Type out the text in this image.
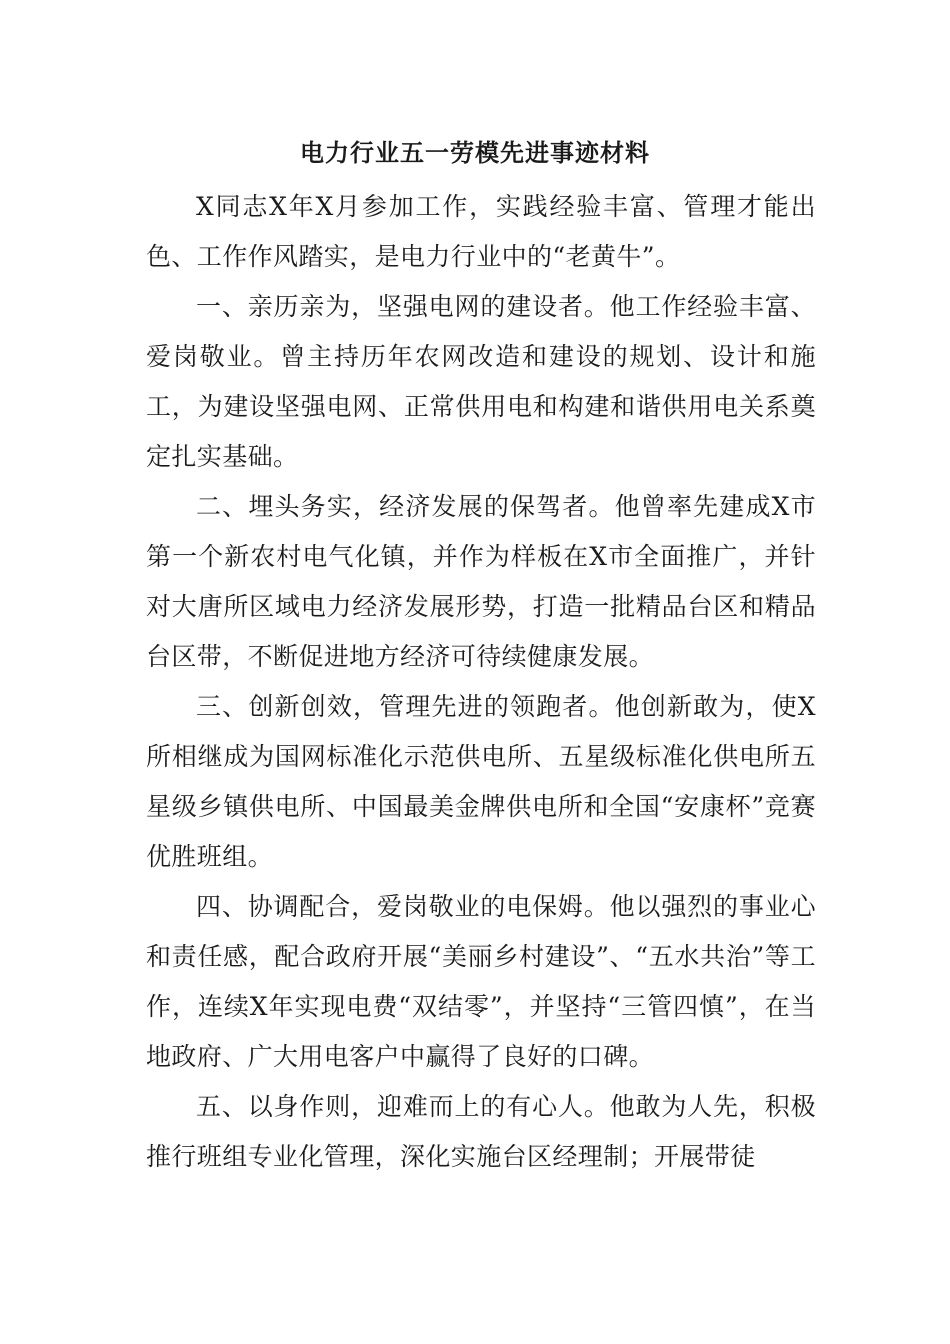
电力行业五一劳模先进事迹材料

X同志X年X月参加工作，实践经验丰富、管理才能出色、工作作风踏实，是电力行业中的“老黄牛”。

一、亲历亲为，坚强电网的建设者。他工作经验丰富、爱岗敬业。曾主持历年农网改造和建设的规划、设计和施工，为建设坚强电网、正常供用电和构建和谐供用电关系奠定扎实基础。

二、埋头务实，经济发展的保驾者。他曾率先建成X市第一个新农村电气化镇，并作为样板在X市全面推广，并针对大唐所区域电力经济发展形势，打造一批精品台区和精品台区带，不断促进地方经济可待续健康发展。

三、创新创效，管理先进的领跑者。他创新敢为，使X所相继成为国网标准化示范供电所、五星级标准化供电所五星级乡镇供电所、中国最美金牌供电所和全国“安康杯”竞赛优胜班组。

四、协调配合，爱岗敬业的电保姆。他以强烈的事业心和责任感，配合政府开展“美丽乡村建设”、“五水共治”等工作，连续X年实现电费“双结零”，并坚持“三管四慎”，在当地政府、广大用电客户中赢得了良好的口碑。

五、以身作则，迎难而上的有心人。他敢为人先，积极推行班组专业化管理，深化实施台区经理制；开展带徒
